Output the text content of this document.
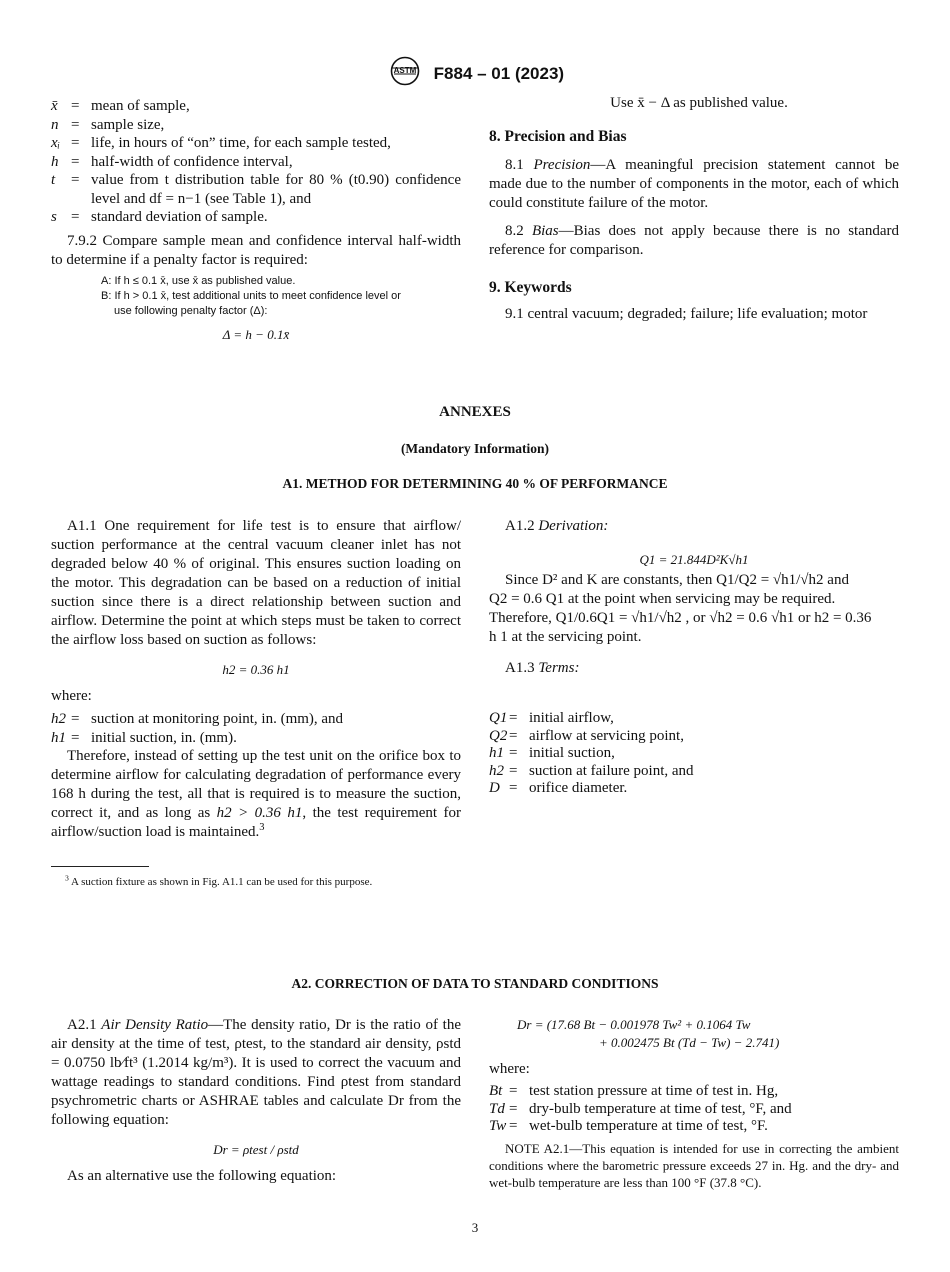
ASTM F884 – 01 (2023)
x̄ = mean of sample,
n = sample size,
xᵢ = life, in hours of “on” time, for each sample tested,
h = half-width of confidence interval,
t	= value from t distribution table for 80 % (t0.90) confidence level and df = n−1 (see Table 1), and
s = standard deviation of sample.
7.9.2 Compare sample mean and confidence interval half-width to determine if a penalty factor is required:
A: If h ≤ 0.1 x̄, use x̄ as published value.
B: If h > 0.1 x̄, test additional units to meet confidence level or
use following penalty factor (Δ):
Δ = h − 0.1x̄
Use x̄ − Δ as published value.
8. Precision and Bias
8.1 Precision—A meaningful precision statement cannot be made due to the number of components in the motor, each of which could constitute failure of the motor.
8.2 Bias—Bias does not apply because there is no standard reference for comparison.
9. Keywords
9.1 central vacuum; degraded; failure; life evaluation; motor
ANNEXES
(Mandatory Information)
A1. METHOD FOR DETERMINING 40 % OF PERFORMANCE
A1.1 One requirement for life test is to ensure that airflow/ suction performance at the central vacuum cleaner inlet has not degraded below 40 % of original. This ensures suction loading on the motor. This degradation can be based on a reduction of initial suction since there is a direct relationship between suction and airflow. Determine the point at which steps must be taken to correct the airflow loss based on suction as follows:
h2 = 0.36 h1
where:
h2 = suction at monitoring point, in. (mm), and
h1 = initial suction, in. (mm).
Therefore, instead of setting up the test unit on the orifice box to determine airflow for calculating degradation of performance every 168 h during the test, all that is required is to measure the suction, correct it, and as long as h2 > 0.36 h1, the test requirement for airflow/suction load is maintained.$^3$
A1.2 Derivation:
Q1 = 21.844D²K√h1
Since D² and K are constants, then Q1/Q2 = √h1/√h2 and
Q2 = 0.6 Q1 at the point when servicing may be required.
Therefore, Q1/0.6Q1 = √h1/√h2 , or √h2 = 0.6 √h1 or h2 = 0.36
h 1 at the servicing point.
A1.3 Terms:
Q1 = initial airflow,
Q2 = airflow at servicing point,
h1 = initial suction,
h2 = suction at failure point, and
D = orifice diameter.
$^3$ A suction fixture as shown in Fig. A1.1 can be used for this purpose.
A2. CORRECTION OF DATA TO STANDARD CONDITIONS
A2.1 Air Density Ratio—The density ratio, Dr is the ratio of the air density at the time of test, ρtest, to the standard air density, ρstd = 0.0750 lb⁄ft³ (1.2014 kg/m³). It is used to correct the vacuum and wattage readings to standard conditions. Find ρtest from standard psychrometric charts or ASHRAE tables and calculate Dr from the following equation:
Dr = ρtest / ρstd
As an alternative use the following equation:
Dr = (17.68 Bt − 0.001978 Tw² + 0.1064 Tw
+ 0.002475 Bt (Td − Tw) − 2.741)
where:
Bt = test station pressure at time of test in. Hg,
Td = dry-bulb temperature at time of test, °F, and
Tw = wet-bulb temperature at time of test, °F.
NOTE A2.1—This equation is intended for use in correcting the ambient conditions where the barometric pressure exceeds 27 in. Hg. and the dry- and wet-bulb temperature are less than 100 °F (37.8 °C).
3
